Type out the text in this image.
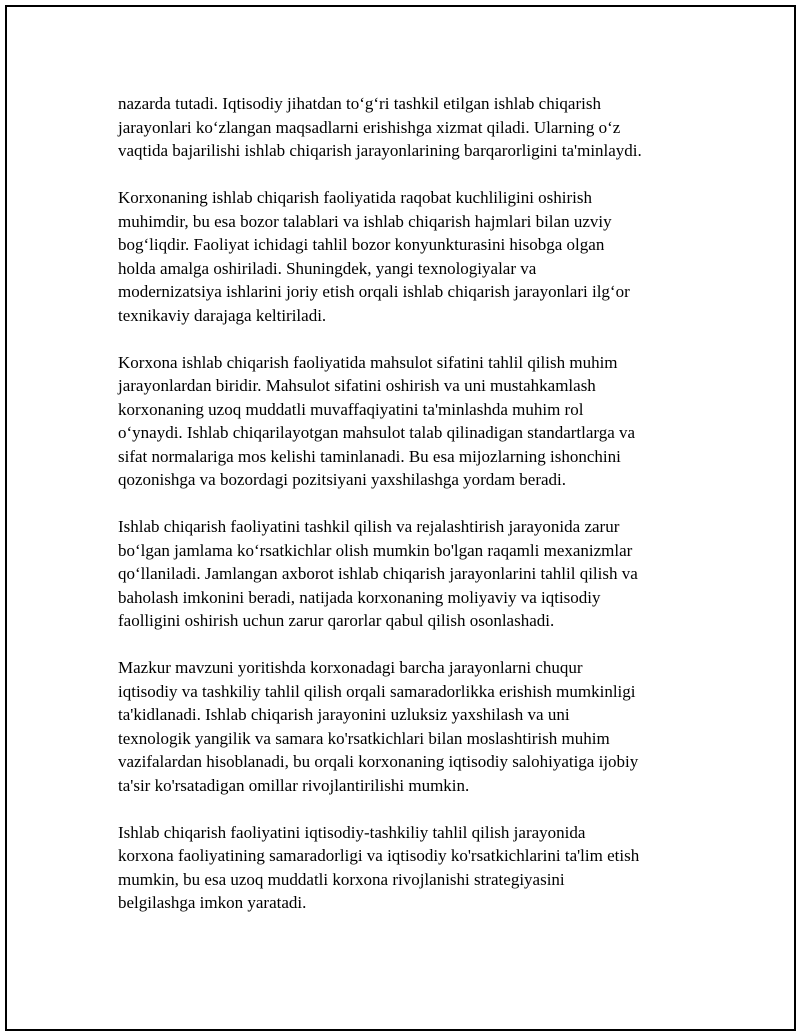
nazarda tutadi. Iqtisodiy jihatdan to‘g‘ri tashkil etilgan ishlab chiqarish
jarayonlari ko‘zlangan maqsadlarni erishishga xizmat qiladi. Ularning o‘z
vaqtida bajarilishi ishlab chiqarish jarayonlarining barqarorligini ta'minlaydi.

Korxonaning ishlab chiqarish faoliyatida raqobat kuchliligini oshirish
muhimdir, bu esa bozor talablari va ishlab chiqarish hajmlari bilan uzviy
bog‘liqdir. Faoliyat ichidagi tahlil bozor konyunkturasini hisobga olgan
holda amalga oshiriladi. Shuningdek, yangi texnologiyalar va
modernizatsiya ishlarini joriy etish orqali ishlab chiqarish jarayonlari ilg‘or
texnikaviy darajaga keltiriladi.

Korxona ishlab chiqarish faoliyatida mahsulot sifatini tahlil qilish muhim
jarayonlardan biridir. Mahsulot sifatini oshirish va uni mustahkamlash
korxonaning uzoq muddatli muvaffaqiyatini ta'minlashda muhim rol
o‘ynaydi. Ishlab chiqarilayotgan mahsulot talab qilinadigan standartlarga va
sifat normalariga mos kelishi taminlanadi. Bu esa mijozlarning ishonchini
qozonishga va bozordagi pozitsiyani yaxshilashga yordam beradi.

Ishlab chiqarish faoliyatini tashkil qilish va rejalashtirish jarayonida zarur
bo‘lgan jamlama ko‘rsatkichlar olish mumkin bo'lgan raqamli mexanizmlar
qo‘llaniladi. Jamlangan axborot ishlab chiqarish jarayonlarini tahlil qilish va
baholash imkonini beradi, natijada korxonaning moliyaviy va iqtisodiy
faolligini oshirish uchun zarur qarorlar qabul qilish osonlashadi.

Mazkur mavzuni yoritishda korxonadagi barcha jarayonlarni chuqur
iqtisodiy va tashkiliy tahlil qilish orqali samaradorlikka erishish mumkinligi
ta'kidlanadi. Ishlab chiqarish jarayonini uzluksiz yaxshilash va uni
texnologik yangilik va samara ko'rsatkichlari bilan moslashtirish muhim
vazifalardan hisoblanadi, bu orqali korxonaning iqtisodiy salohiyatiga ijobiy
ta'sir ko'rsatadigan omillar rivojlantirilishi mumkin.

Ishlab chiqarish faoliyatini iqtisodiy-tashkiliy tahlil qilish jarayonida
korxona faoliyatining samaradorligi va iqtisodiy ko'rsatkichlarini ta'lim etish
mumkin, bu esa uzoq muddatli korxona rivojlanishi strategiyasini
belgilashga imkon yaratadi.
